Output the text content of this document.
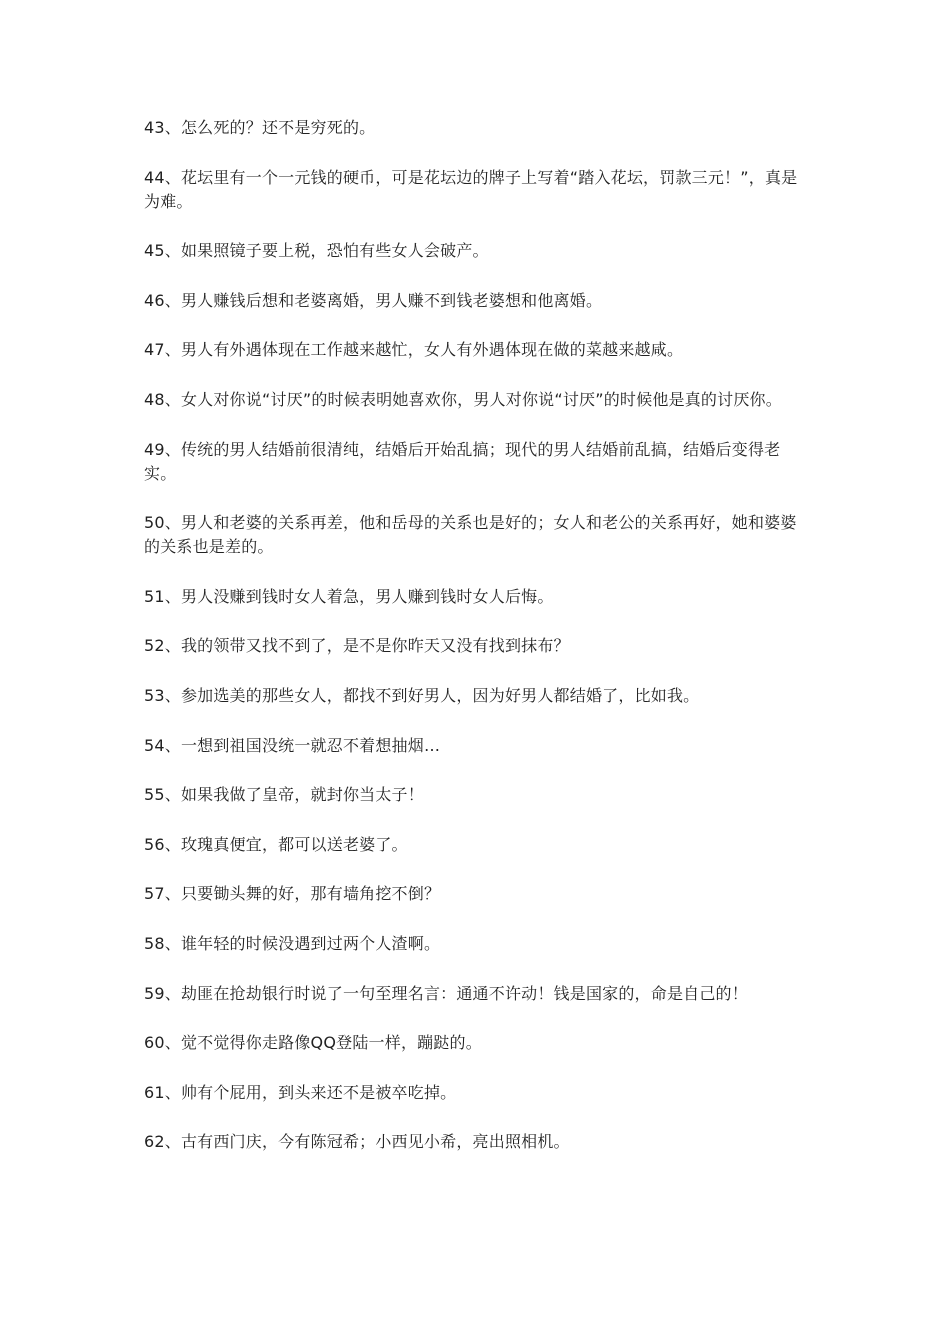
43、怎么死的？还不是穷死的。

44、花坛里有一个一元钱的硬币，可是花坛边的牌子上写着“踏入花坛，罚款三元！”，真是为难。

45、如果照镜子要上税，恐怕有些女人会破产。

46、男人赚钱后想和老婆离婚，男人赚不到钱老婆想和他离婚。

47、男人有外遇体现在工作越来越忙，女人有外遇体现在做的菜越来越咸。

48、女人对你说“讨厌”的时候表明她喜欢你，男人对你说“讨厌”的时候他是真的讨厌你。

49、传统的男人结婚前很清纯，结婚后开始乱搞；现代的男人结婚前乱搞，结婚后变得老实。

50、男人和老婆的关系再差，他和岳母的关系也是好的；女人和老公的关系再好，她和婆婆的关系也是差的。

51、男人没赚到钱时女人着急，男人赚到钱时女人后悔。

52、我的领带又找不到了，是不是你昨天又没有找到抹布？

53、参加选美的那些女人，都找不到好男人，因为好男人都结婚了，比如我。

54、一想到祖国没统一就忍不着想抽烟…

55、如果我做了皇帝，就封你当太子！

56、玫瑰真便宜，都可以送老婆了。

57、只要锄头舞的好，那有墙角挖不倒？

58、谁年轻的时候没遇到过两个人渣啊。

59、劫匪在抢劫银行时说了一句至理名言：通通不许动！钱是国家的，命是自己的！

60、觉不觉得你走路像QQ登陆一样，蹦跶的。

61、帅有个屁用，到头来还不是被卒吃掉。

62、古有西门庆，今有陈冠希；小西见小希，亮出照相机。
